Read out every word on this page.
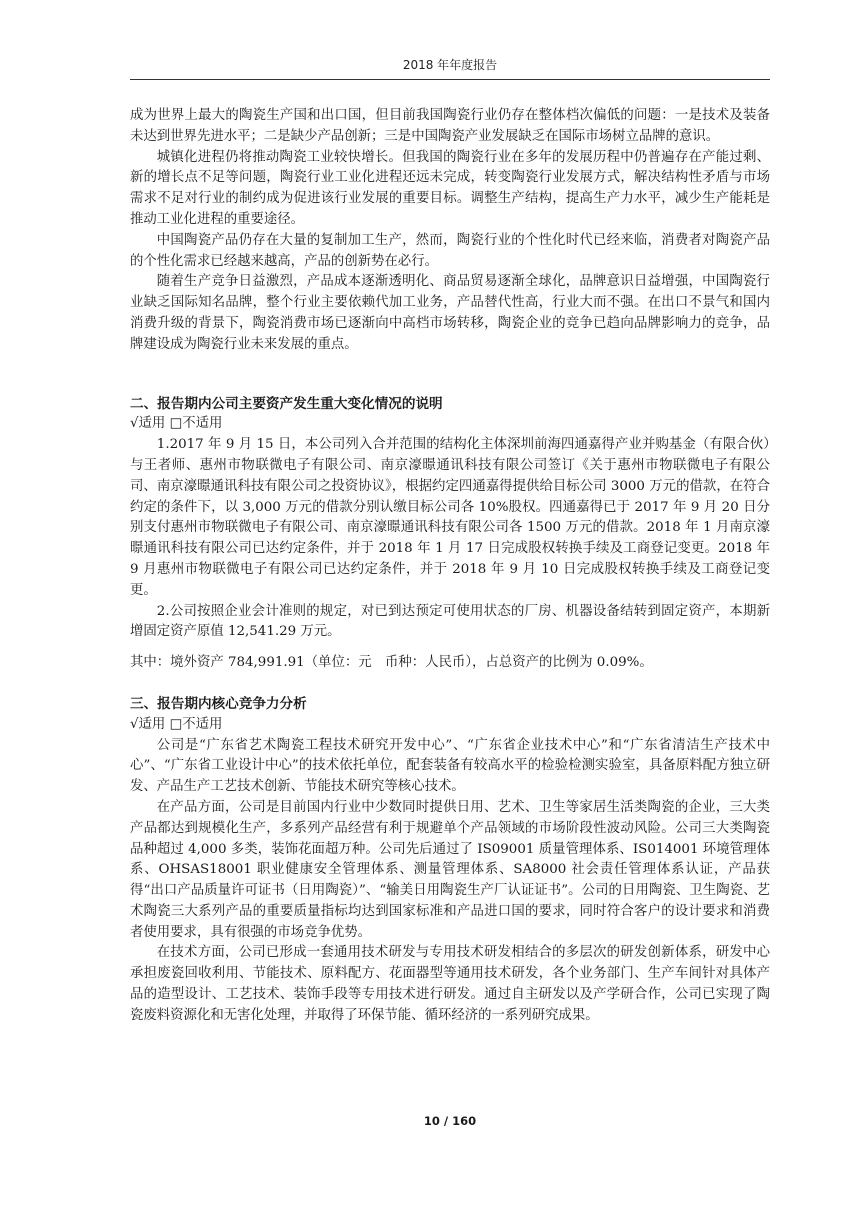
2018 年年度报告

成为世界上最大的陶瓷生产国和出口国，但目前我国陶瓷行业仍存在整体档次偏低的问题：一是技术及装备未达到世界先进水平；二是缺少产品创新；三是中国陶瓷产业发展缺乏在国际市场树立品牌的意识。

城镇化进程仍将推动陶瓷工业较快增长。但我国的陶瓷行业在多年的发展历程中仍普遍存在产能过剩、新的增长点不足等问题，陶瓷行业工业化进程还远未完成，转变陶瓷行业发展方式，解决结构性矛盾与市场需求不足对行业的制约成为促进该行业发展的重要目标。调整生产结构，提高生产力水平，减少生产能耗是推动工业化进程的重要途径。

中国陶瓷产品仍存在大量的复制加工生产，然而，陶瓷行业的个性化时代已经来临，消费者对陶瓷产品的个性化需求已经越来越高，产品的创新势在必行。

随着生产竞争日益激烈，产品成本逐渐透明化、商品贸易逐渐全球化，品牌意识日益增强，中国陶瓷行业缺乏国际知名品牌，整个行业主要依赖代加工业务，产品替代性高，行业大而不强。在出口不景气和国内消费升级的背景下，陶瓷消费市场已逐渐向中高档市场转移，陶瓷企业的竞争已趋向品牌影响力的竞争，品牌建设成为陶瓷行业未来发展的重点。

二、报告期内公司主要资产发生重大变化情况的说明

√适用 □不适用

1.2017 年 9 月 15 日，本公司列入合并范围的结构化主体深圳前海四通嘉得产业并购基金（有限合伙）与王者师、惠州市物联微电子有限公司、南京濠暻通讯科技有限公司签订《关于惠州市物联微电子有限公司、南京濠暻通讯科技有限公司之投资协议》，根据约定四通嘉得提供给目标公司 3000 万元的借款，在符合约定的条件下，以 3,000 万元的借款分别认缴目标公司各 10%股权。四通嘉得已于 2017 年 9 月 20 日分别支付惠州市物联微电子有限公司、南京濠暻通讯科技有限公司各 1500 万元的借款。2018 年 1 月南京濠暻通讯科技有限公司已达约定条件，并于 2018 年 1 月 17 日完成股权转换手续及工商登记变更。2018 年 9 月惠州市物联微电子有限公司已达约定条件，并于 2018 年 9 月 10 日完成股权转换手续及工商登记变更。

2.公司按照企业会计准则的规定，对已到达预定可使用状态的厂房、机器设备结转到固定资产，本期新增固定资产原值 12,541.29 万元。

其中：境外资产 784,991.91（单位：元　币种：人民币），占总资产的比例为 0.09%。

三、报告期内核心竞争力分析

√适用 □不适用

公司是“广东省艺术陶瓷工程技术研究开发中心”、“广东省企业技术中心”和“广东省清洁生产技术中心”、“广东省工业设计中心”的技术依托单位，配套装备有较高水平的检验检测实验室，具备原料配方独立研发、产品生产工艺技术创新、节能技术研究等核心技术。

在产品方面，公司是目前国内行业中少数同时提供日用、艺术、卫生等家居生活类陶瓷的企业，三大类产品都达到规模化生产，多系列产品经营有利于规避单个产品领域的市场阶段性波动风险。公司三大类陶瓷品种超过 4,000 多类，装饰花面超万种。公司先后通过了 IS09001 质量管理体系、IS014001 环境管理体系、OHSAS18001 职业健康安全管理体系、测量管理体系、SA8000 社会责任管理体系认证，产品获得“出口产品质量许可证书（日用陶瓷）”、“输美日用陶瓷生产厂认证证书”。公司的日用陶瓷、卫生陶瓷、艺术陶瓷三大系列产品的重要质量指标均达到国家标准和产品进口国的要求，同时符合客户的设计要求和消费者使用要求，具有很强的市场竞争优势。

在技术方面，公司已形成一套通用技术研发与专用技术研发相结合的多层次的研发创新体系，研发中心承担废瓷回收利用、节能技术、原料配方、花面器型等通用技术研发，各个业务部门、生产车间针对具体产品的造型设计、工艺技术、装饰手段等专用技术进行研发。通过自主研发以及产学研合作，公司已实现了陶瓷废料资源化和无害化处理，并取得了环保节能、循环经济的一系列研究成果。

10 / 160
